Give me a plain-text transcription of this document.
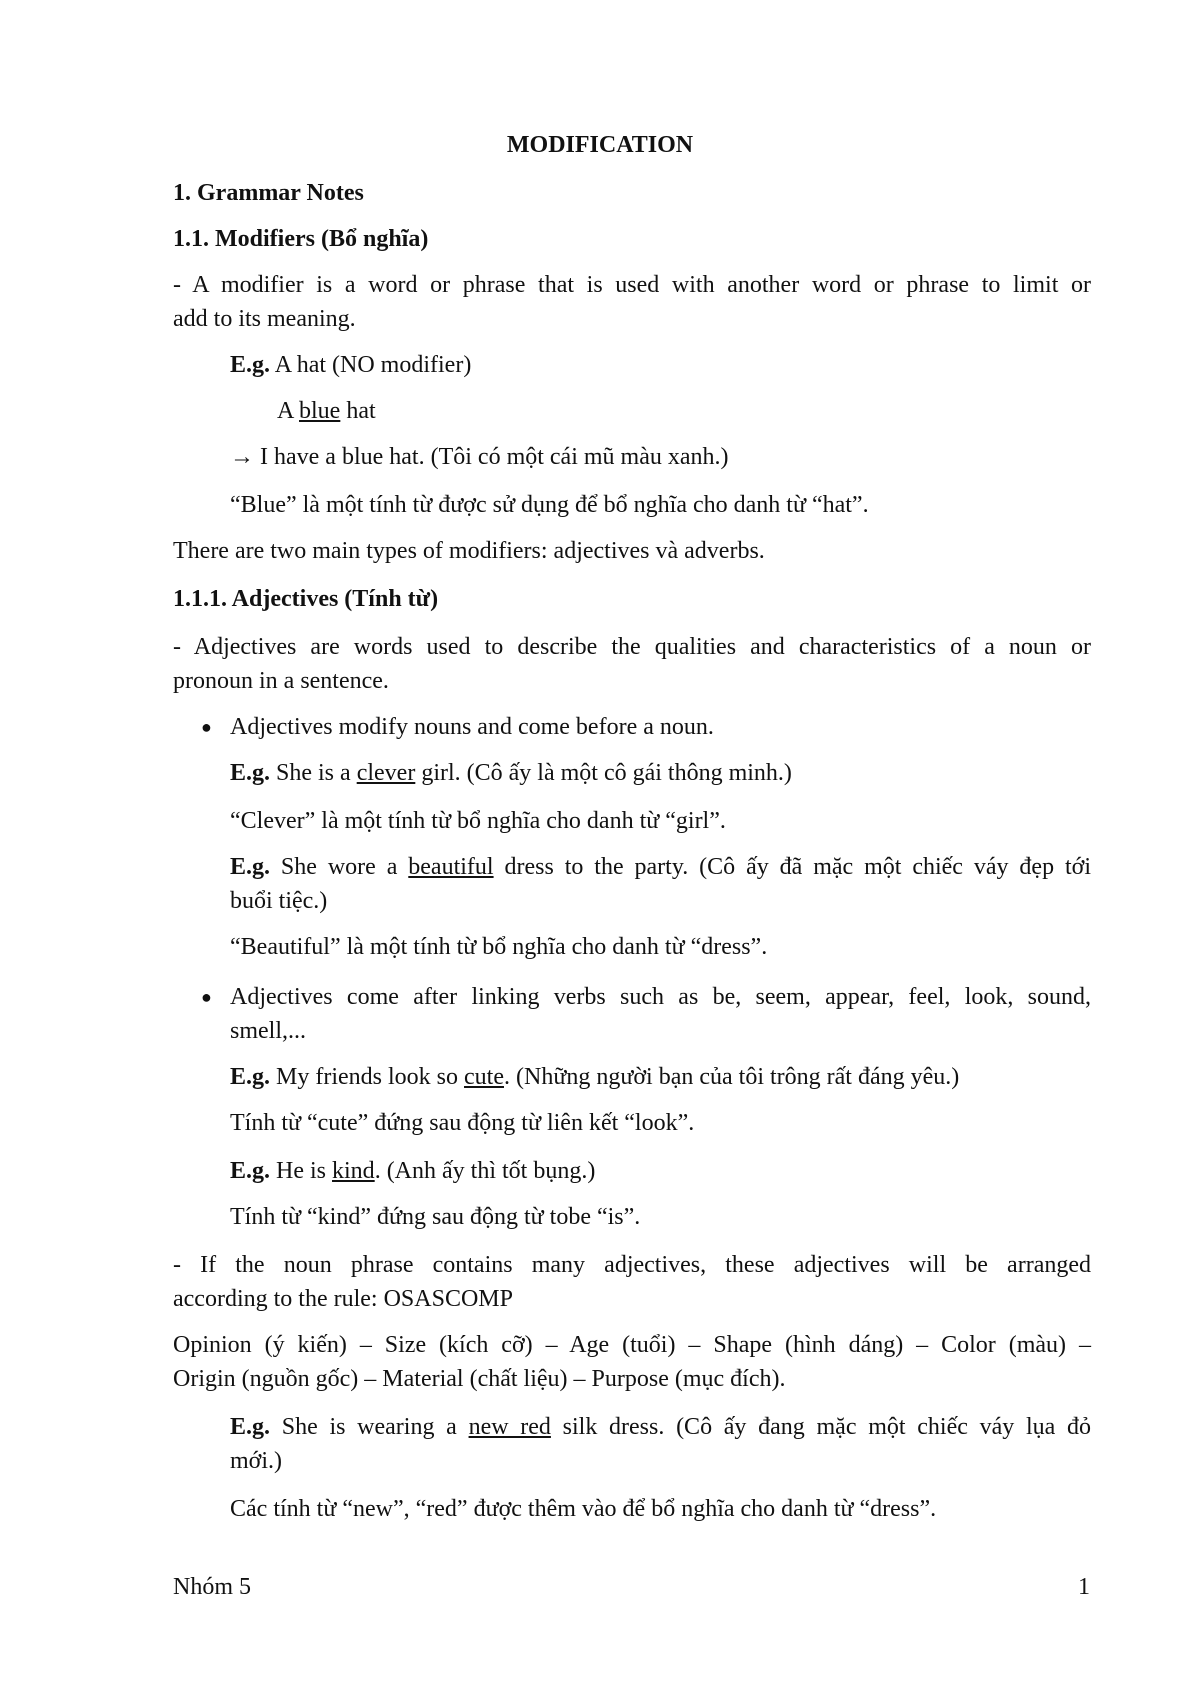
MODIFICATION
1. Grammar Notes
1.1. Modifiers (Bổ nghĩa)
- A modifier is a word or phrase that is used with another word or phrase to limit or
add to its meaning.
E.g. A hat (NO modifier)
A blue hat
→ I have a blue hat. (Tôi có một cái mũ màu xanh.)
“Blue” là một tính từ được sử dụng để bổ nghĩa cho danh từ “hat”.
There are two main types of modifiers: adjectives và adverbs.
1.1.1. Adjectives (Tính từ)
- Adjectives are words used to describe the qualities and characteristics of a noun or
pronoun in a sentence.
● Adjectives modify nouns and come before a noun.
E.g. She is a clever girl. (Cô ấy là một cô gái thông minh.)
“Clever” là một tính từ bổ nghĩa cho danh từ “girl”.
E.g. She wore a beautiful dress to the party. (Cô ấy đã mặc một chiếc váy đẹp tới
buổi tiệc.)
“Beautiful” là một tính từ bổ nghĩa cho danh từ “dress”.
● Adjectives come after linking verbs such as be, seem, appear, feel, look, sound,
smell,...
E.g. My friends look so cute. (Những người bạn của tôi trông rất đáng yêu.)
Tính từ “cute” đứng sau động từ liên kết “look”.
E.g. He is kind. (Anh ấy thì tốt bụng.)
Tính từ “kind” đứng sau động từ tobe “is”.
- If the noun phrase contains many adjectives, these adjectives will be arranged
according to the rule: OSASCOMP
Opinion (ý kiến) – Size (kích cỡ) – Age (tuổi) – Shape (hình dáng) – Color (màu) –
Origin (nguồn gốc) – Material (chất liệu) – Purpose (mục đích).
E.g. She is wearing a new red silk dress. (Cô ấy đang mặc một chiếc váy lụa đỏ
mới.)
Các tính từ “new”, “red” được thêm vào để bổ nghĩa cho danh từ “dress”.
Nhóm 5	1
